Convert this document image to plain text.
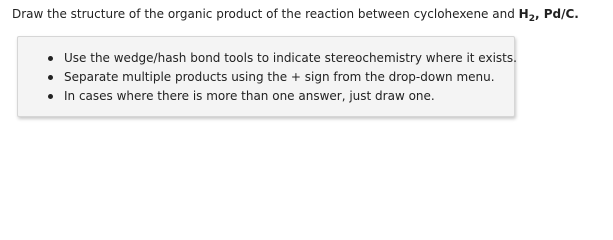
Draw the structure of the organic product of the reaction between cyclohexene and $H_2$, Pd/C.
Use the wedge/hash bond tools to indicate stereochemistry where it exists.
Separate multiple products using the + sign from the drop-down menu.
In cases where there is more than one answer, just draw one.
